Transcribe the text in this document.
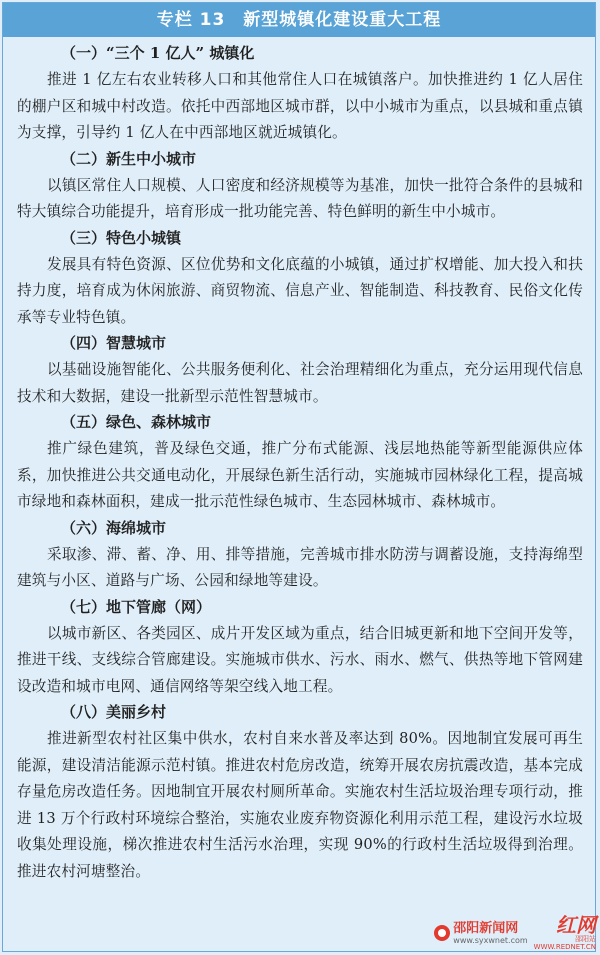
专栏 13　新型城镇化建设重大工程
（一）“三个 1 亿人” 城镇化

推进 1 亿左右农业转移人口和其他常住人口在城镇落户。加快推进约 1 亿人居住的棚户区和城中村改造。依托中西部地区城市群，以中小城市为重点，以县城和重点镇为支撑，引导约 1 亿人在中西部地区就近城镇化。

（二）新生中小城市

以镇区常住人口规模、人口密度和经济规模等为基准，加快一批符合条件的县城和特大镇综合功能提升，培育形成一批功能完善、特色鲜明的新生中小城市。

（三）特色小城镇

发展具有特色资源、区位优势和文化底蕴的小城镇，通过扩权增能、加大投入和扶持力度，培育成为休闲旅游、商贸物流、信息产业、智能制造、科技教育、民俗文化传承等专业特色镇。

（四）智慧城市

以基础设施智能化、公共服务便利化、社会治理精细化为重点，充分运用现代信息技术和大数据，建设一批新型示范性智慧城市。

（五）绿色、森林城市

推广绿色建筑，普及绿色交通，推广分布式能源、浅层地热能等新型能源供应体系，加快推进公共交通电动化，开展绿色新生活行动，实施城市园林绿化工程，提高城市绿地和森林面积，建成一批示范性绿色城市、生态园林城市、森林城市。

（六）海绵城市

采取渗、滞、蓄、净、用、排等措施，完善城市排水防涝与调蓄设施，支持海绵型建筑与小区、道路与广场、公园和绿地等建设。

（七）地下管廊（网）

以城市新区、各类园区、成片开发区域为重点，结合旧城更新和地下空间开发等，推进干线、支线综合管廊建设。实施城市供水、污水、雨水、燃气、供热等地下管网建设改造和城市电网、通信网络等架空线入地工程。

（八）美丽乡村

推进新型农村社区集中供水，农村自来水普及率达到 80%。因地制宜发展可再生能源，建设清洁能源示范村镇。推进农村危房改造，统筹开展农房抗震改造，基本完成存量危房改造任务。因地制宜开展农村厕所革命。实施农村生活垃圾治理专项行动，推进 13 万个行政村环境综合整治，实施农业废弃物资源化利用示范工程，建设污水垃圾收集处理设施，梯次推进农村生活污水治理，实现 90%的行政村生活垃圾得到治理。推进农村河塘整治。

邵阳新闻网
www.syxwnet.com
红网
邵阳站
WWW.REDNET.CN
